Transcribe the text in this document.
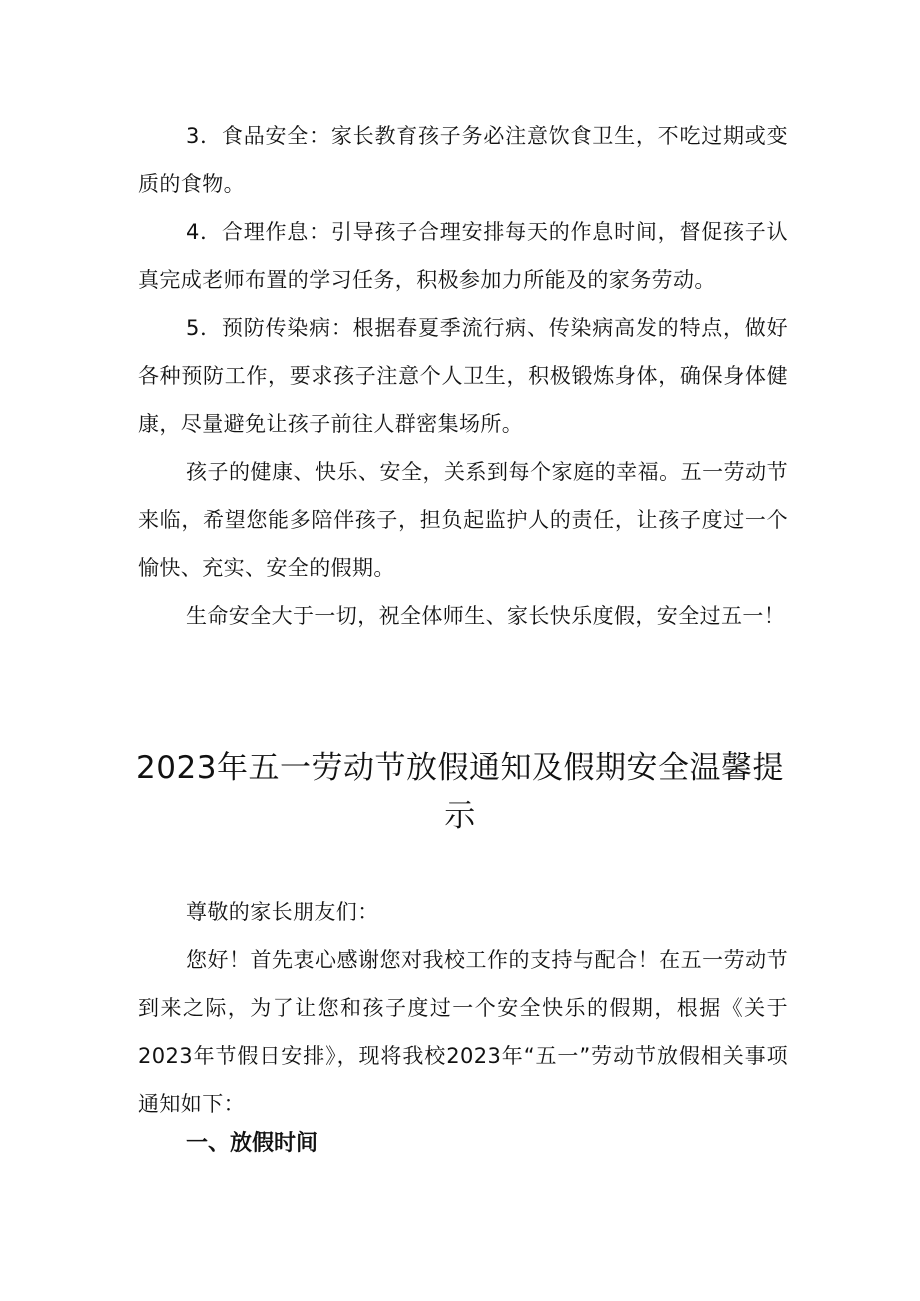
3．食品安全：家长教育孩子务必注意饮食卫生，不吃过期或变质的食物。

4．合理作息：引导孩子合理安排每天的作息时间，督促孩子认真完成老师布置的学习任务，积极参加力所能及的家务劳动。

5．预防传染病：根据春夏季流行病、传染病高发的特点，做好各种预防工作，要求孩子注意个人卫生，积极锻炼身体，确保身体健康，尽量避免让孩子前往人群密集场所。

孩子的健康、快乐、安全，关系到每个家庭的幸福。五一劳动节来临，希望您能多陪伴孩子，担负起监护人的责任，让孩子度过一个愉快、充实、安全的假期。

生命安全大于一切，祝全体师生、家长快乐度假，安全过五一！

2023年五一劳动节放假通知及假期安全温馨提示

尊敬的家长朋友们：

您好！首先衷心感谢您对我校工作的支持与配合！在五一劳动节到来之际，为了让您和孩子度过一个安全快乐的假期，根据《关于2023年节假日安排》，现将我校2023年“五一”劳动节放假相关事项通知如下：

一、放假时间
